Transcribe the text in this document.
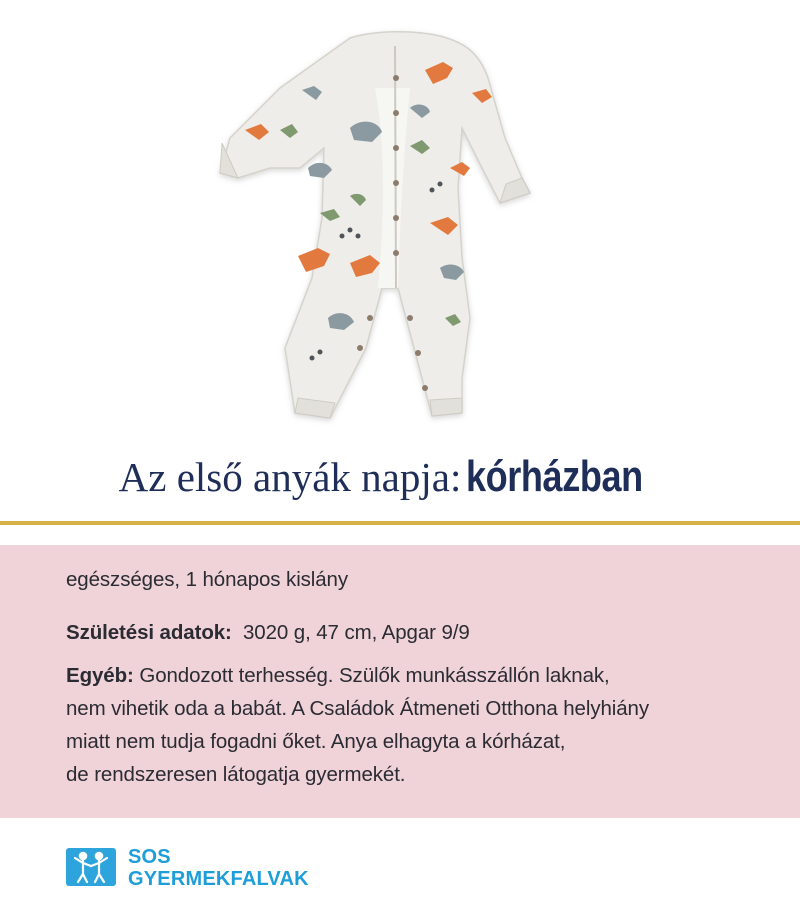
Az első anyák napja: kórházban
egészséges, 1 hónapos kislány
Születési adatok: 3020 g, 47 cm, Apgar 9/9
Egyéb: Gondozott terhesség. Szülők munkásszállón laknak,
nem vihetik oda a babát. A Családok Átmeneti Otthona helyhiány
miatt nem tudja fogadni őket. Anya elhagyta a kórházat,
de rendszeresen látogatja gyermekét.
SOS
GYERMEKFALVAK
